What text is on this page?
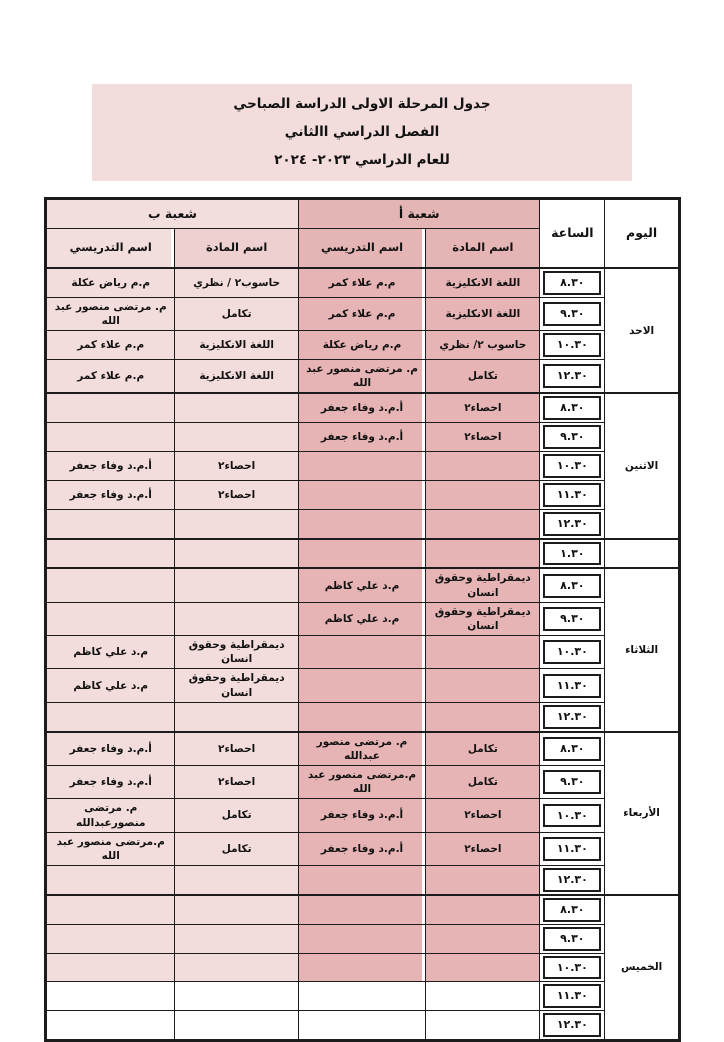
جدول المرحلة الاولى الدراسة الصباحي
الفصل الدراسي االثاني
للعام الدراسي ٢٠٢٣- ٢٠٢٤
اليوم	الساعة	شعبة أ		شعبة ب	
		اسم المادة	اسم التدريسي	اسم المادة	اسم التدريسي
الاحد	٨.٣٠	اللغة الانكليزية	م.م علاء كمر	حاسوب٢ / نظري	م.م رياض عكلة

	٩.٣٠	اللغة الانكليزية	م.م علاء كمر	تكامل	م. مرتضى منصور عبد الله

	١٠.٣٠	حاسوب ٢/ نظري	م.م رياض عكلة	اللغة الانكليزية	م.م علاء كمر

	١٢.٣٠	تكامل	م. مرتضى منصور عبد الله	اللغة الانكليزية	م.م علاء كمر
الاثنين	٨.٣٠	احصاء٢	أ.م.د وفاء جعفر		

	٩.٣٠	احصاء٢	أ.م.د وفاء جعفر		

	١٠.٣٠			احصاء٢	أ.م.د وفاء جعفر

	١١.٣٠			احصاء٢	أ.م.د وفاء جعفر

	١٢.٣٠				

	١.٣٠				

الثلاثاء	٨.٣٠	ديمقراطية وحقوق انسان	م.د علي كاظم		

	٩.٣٠	ديمقراطية وحقوق انسان	م.د علي كاظم		

	١٠.٣٠			ديمقراطية وحقوق انسان	م.د علي كاظم

	١١.٣٠			ديمقراطية وحقوق انسان	م.د علي كاظم

	١٢.٣٠				

الأربعاء	٨.٣٠	تكامل	م. مرتضى منصور عبدالله	احصاء٢	أ.م.د وفاء جعفر

	٩.٣٠	تكامل	م.مرتضى منصور عبد الله	احصاء٢	أ.م.د وفاء جعفر

	١٠.٣٠	احصاء٢	أ.م.د وفاء جعفر	تكامل	م. مرتضى منصورعبدالله

	١١.٣٠	احصاء٢	أ.م.د وفاء جعفر	تكامل	م.مرتضى منصور عبد الله

	١٢.٣٠				

الخميس	٨.٣٠				

	٩.٣٠				

	١٠.٣٠				

	١١.٣٠				

	١٢.٣٠				
